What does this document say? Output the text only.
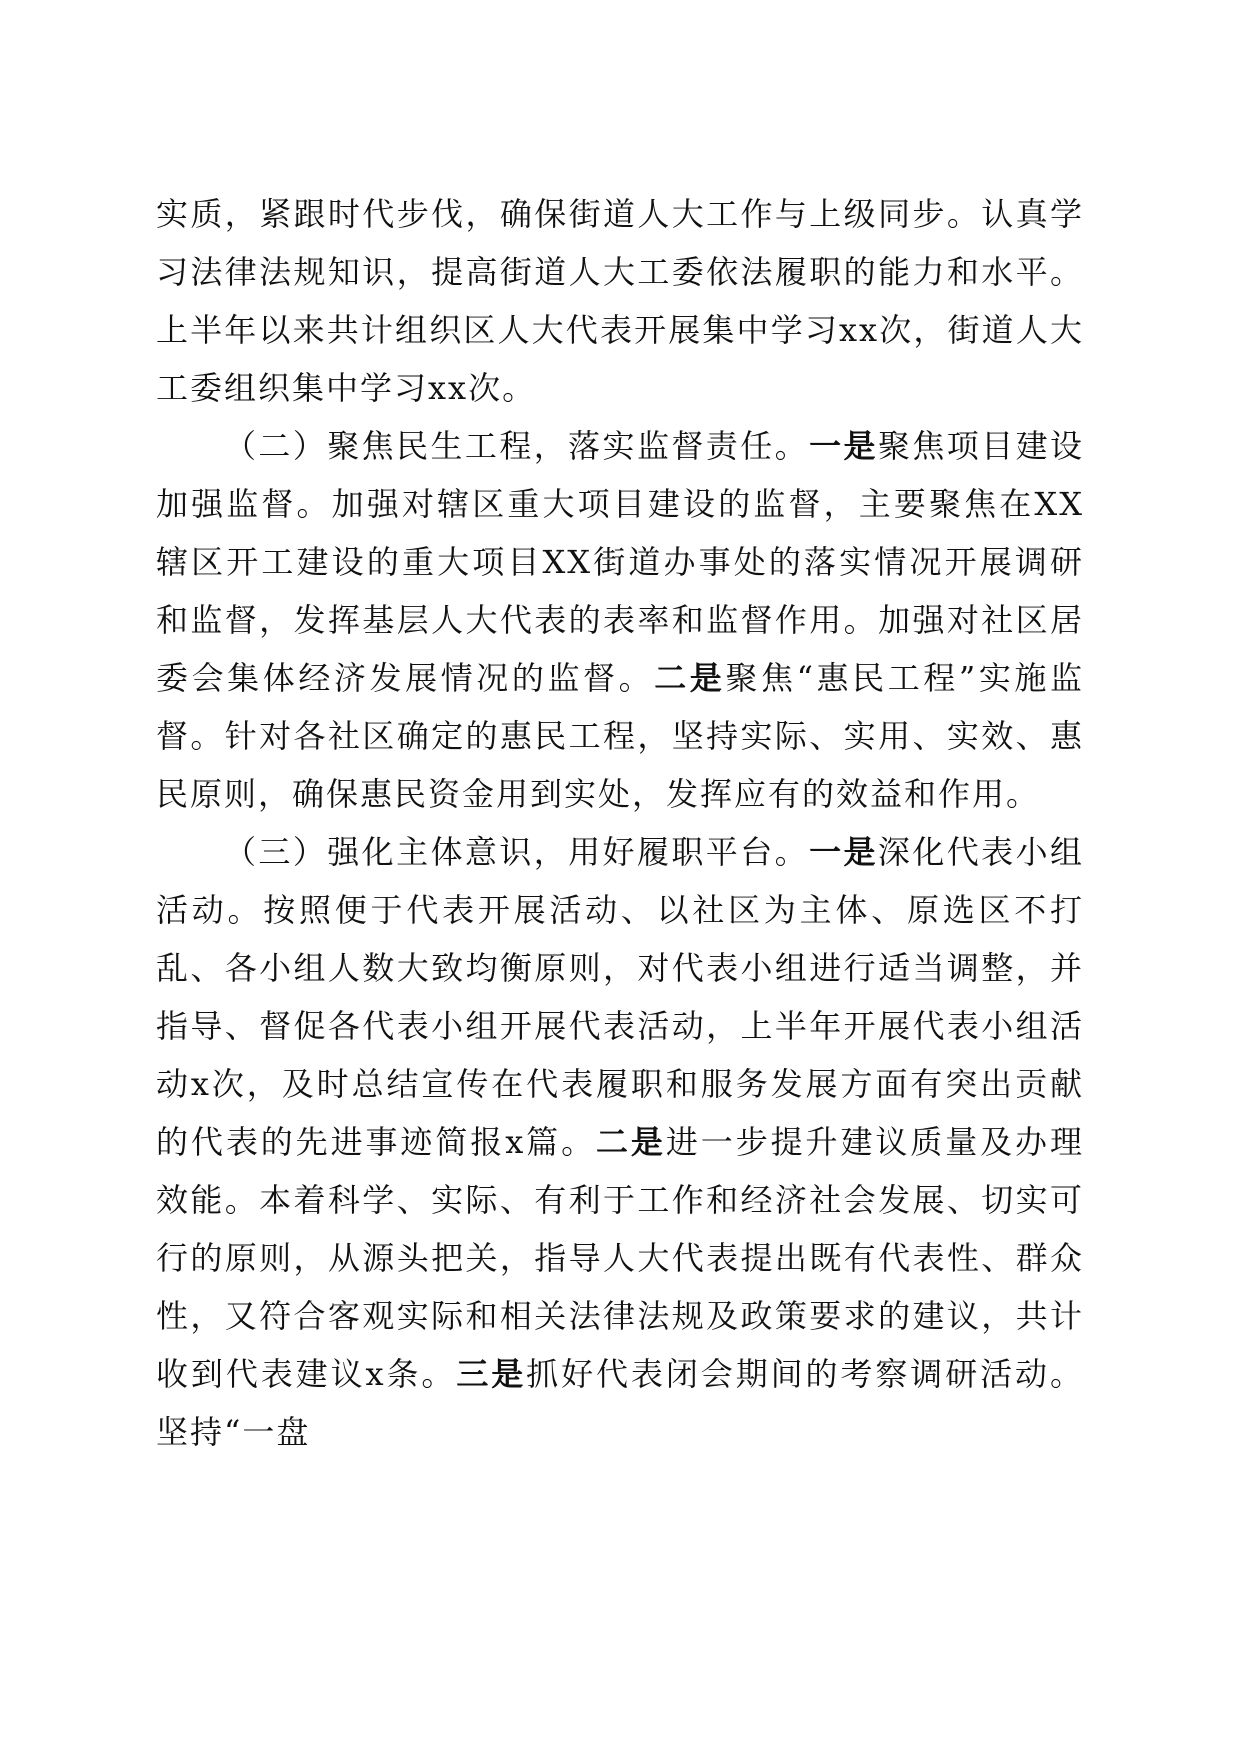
实质，紧跟时代步伐，确保街道人大工作与上级同步。认真学习法律法规知识，提高街道人大工委依法履职的能力和水平。上半年以来共计组织区人大代表开展集中学习xx次，街道人大工委组织集中学习xx次。

（二）聚焦民生工程，落实监督责任。一是聚焦项目建设加强监督。加强对辖区重大项目建设的监督，主要聚焦在XX辖区开工建设的重大项目XX街道办事处的落实情况开展调研和监督，发挥基层人大代表的表率和监督作用。加强对社区居委会集体经济发展情况的监督。二是聚焦“惠民工程”实施监督。针对各社区确定的惠民工程，坚持实际、实用、实效、惠民原则，确保惠民资金用到实处，发挥应有的效益和作用。

（三）强化主体意识，用好履职平台。一是深化代表小组活动。按照便于代表开展活动、以社区为主体、原选区不打乱、各小组人数大致均衡原则，对代表小组进行适当调整，并指导、督促各代表小组开展代表活动，上半年开展代表小组活动x次，及时总结宣传在代表履职和服务发展方面有突出贡献的代表的先进事迹简报x篇。二是进一步提升建议质量及办理效能。本着科学、实际、有利于工作和经济社会发展、切实可行的原则，从源头把关，指导人大代表提出既有代表性、群众性，又符合客观实际和相关法律法规及政策要求的建议，共计收到代表建议x条。三是抓好代表闭会期间的考察调研活动。坚持“一盘
